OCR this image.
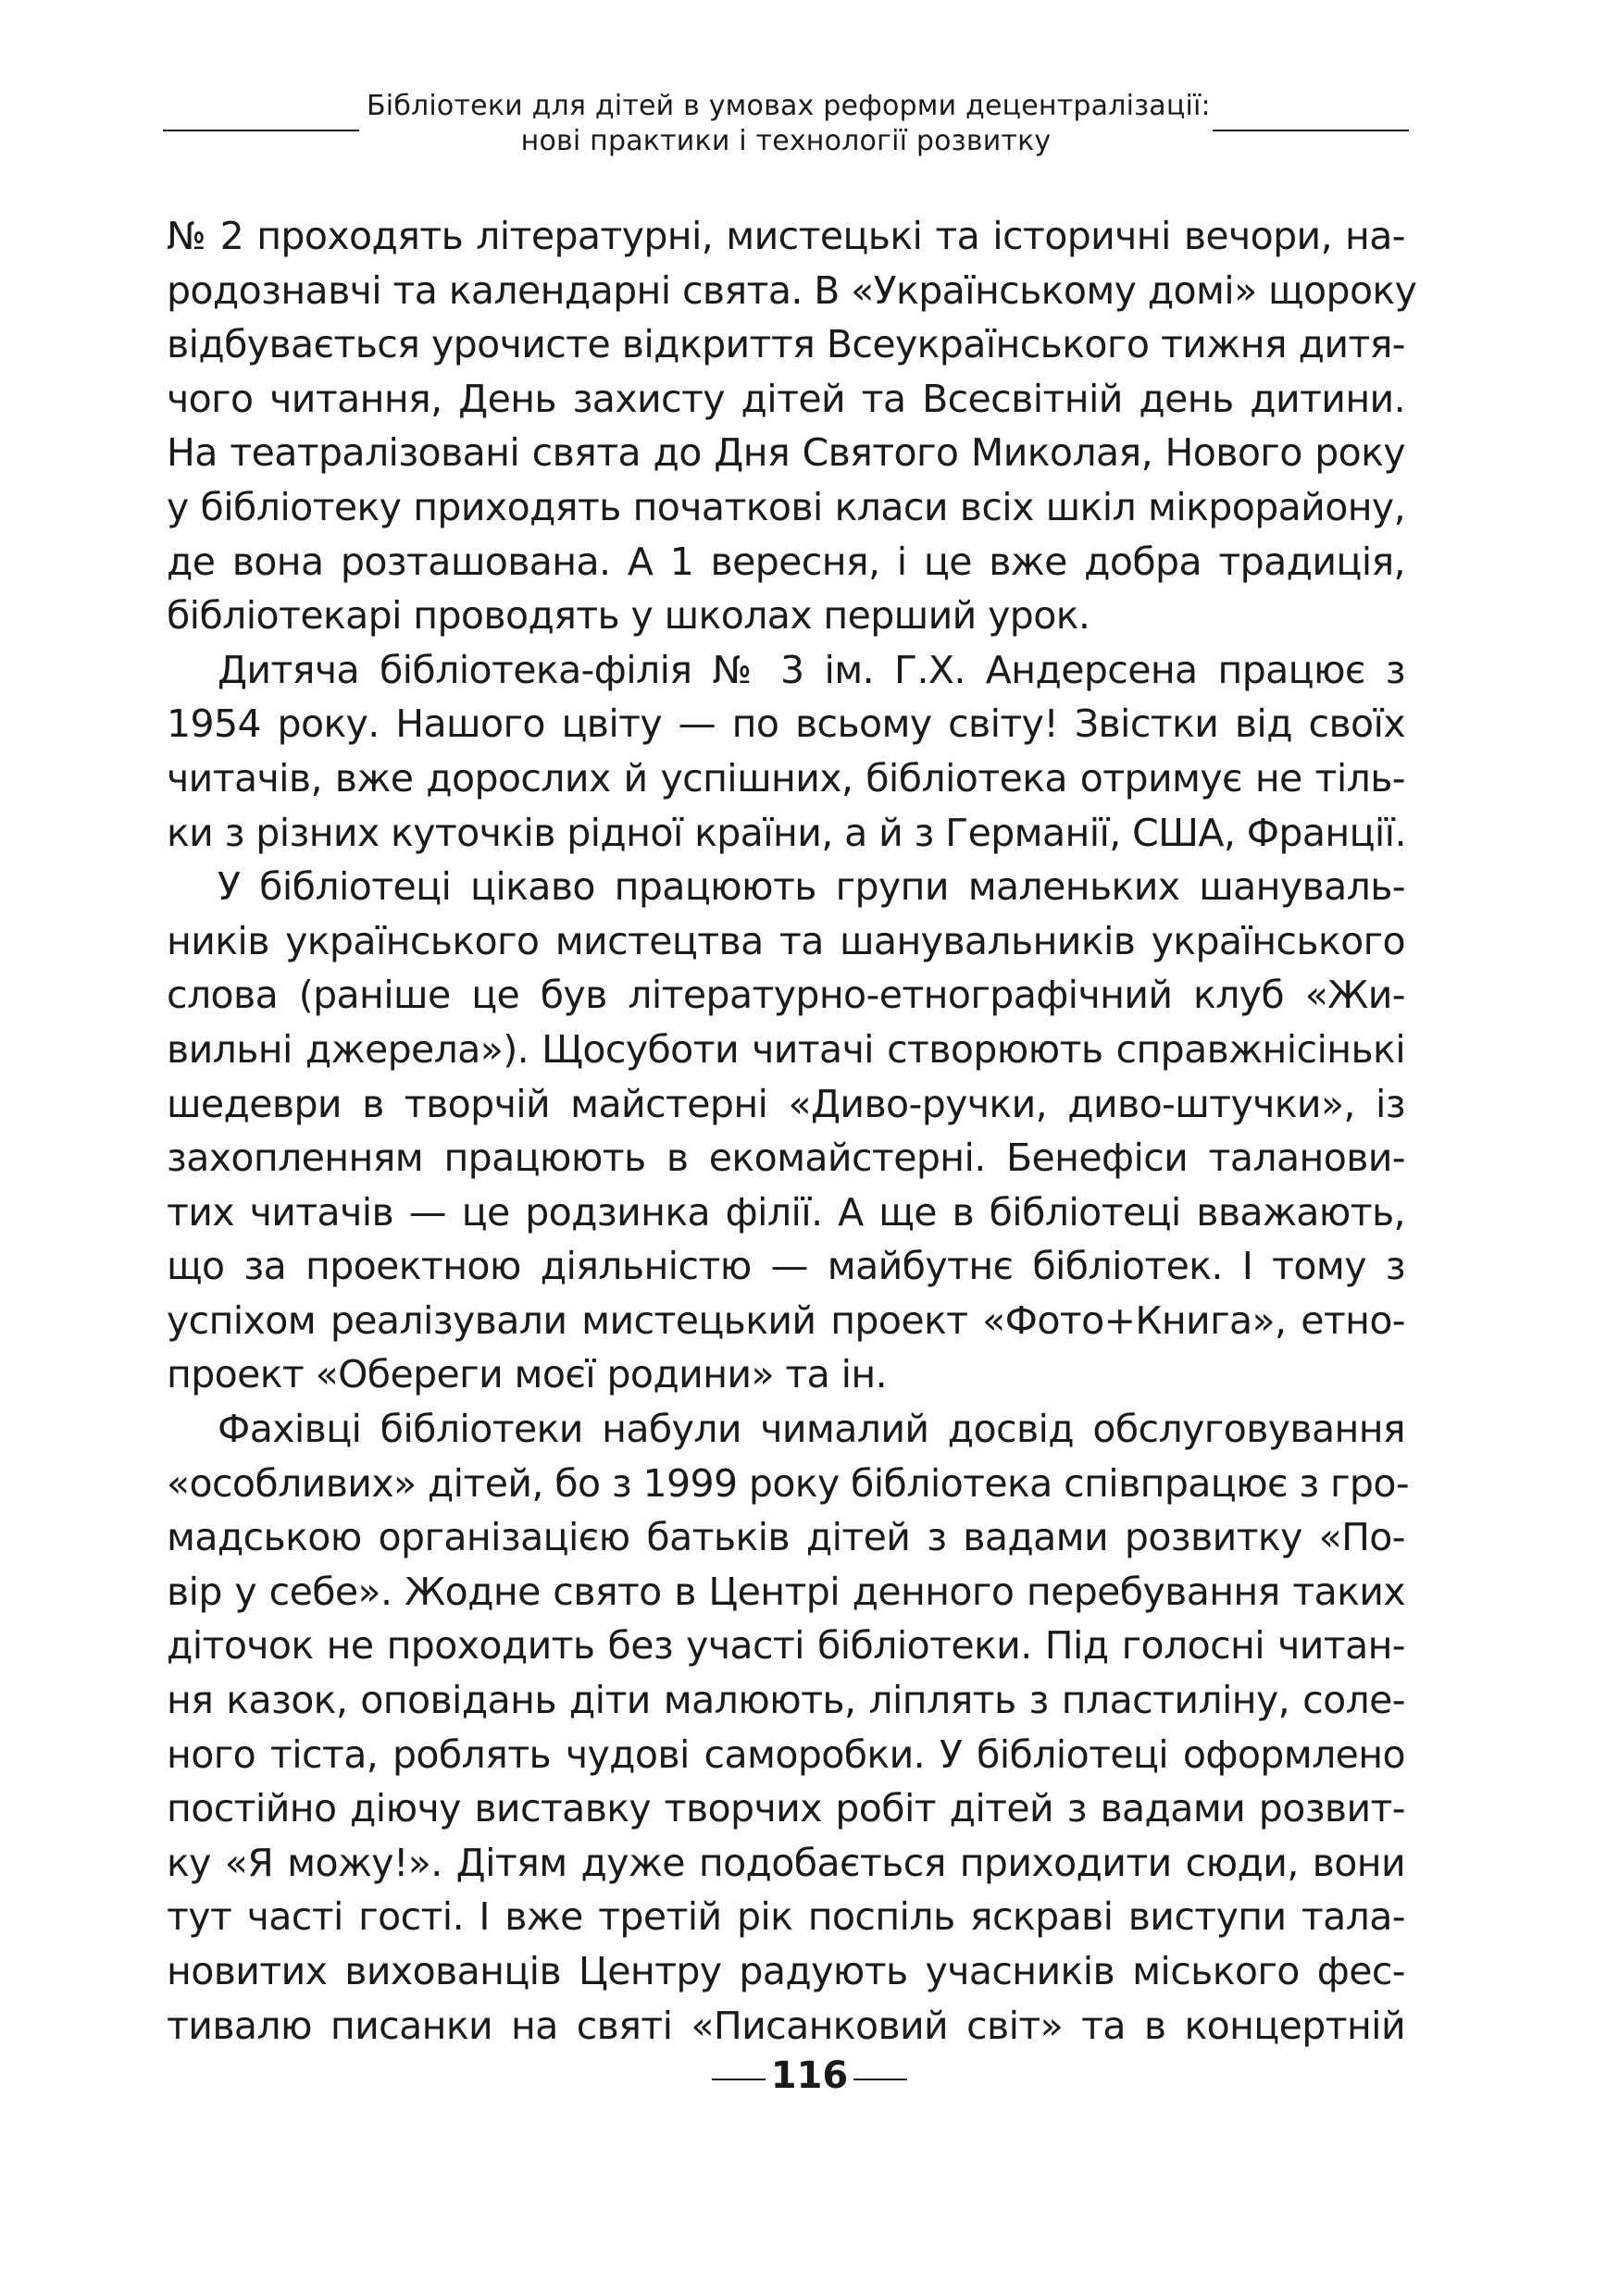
Бібліотеки для дітей в умовах реформи децентралізації:
нові практики і технології розвитку
№ 2 проходять літературні, мистецькі та історичні вечори, на-
родознавчі та календарні свята. В «Українському домі» щороку
відбувається урочисте відкриття Всеукраїнського тижня дитя-
чого читання, День захисту дітей та Всесвітній день дитини.
На театралізовані свята до Дня Святого Миколая, Нового року
у бібліотеку приходять початкові класи всіх шкіл мікрорайону,
де вона розташована. А 1 вересня, і це вже добра традиція,
бібліотекарі проводять у школах перший урок.
Дитяча бібліотека-філія № 3 ім. Г.Х. Андерсена працює з
1954 року. Нашого цвіту — по всьому світу! Звістки від своїх
читачів, вже дорослих й успішних, бібліотека отримує не тіль-
ки з різних куточків рідної країни, а й з Германії, США, Франції.
У бібліотеці цікаво працюють групи маленьких шануваль-
ників українського мистецтва та шанувальників українського
слова (раніше це був літературно-етнографічний клуб «Жи-
вильні джерела»). Щосуботи читачі створюють справжнісінькі
шедеври в творчій майстерні «Диво-ручки, диво-штучки», із
захопленням працюють в екомайстерні. Бенефіси таланови-
тих читачів — це родзинка філії. А ще в бібліотеці вважають,
що за проектною діяльністю — майбутнє бібліотек. І тому з
успіхом реалізували мистецький проект «Фото+Книга», етно-
проект «Обереги моєї родини» та ін.
Фахівці бібліотеки набули чималий досвід обслуговування
«особливих» дітей, бо з 1999 року бібліотека співпрацює з гро-
мадською організацією батьків дітей з вадами розвитку «По-
вір у себе». Жодне свято в Центрі денного перебування таких
діточок не проходить без участі бібліотеки. Під голосні читан-
ня казок, оповідань діти малюють, ліплять з пластиліну, соле-
ного тіста, роблять чудові саморобки. У бібліотеці оформлено
постійно діючу виставку творчих робіт дітей з вадами розвит-
ку «Я можу!». Дітям дуже подобається приходити сюди, вони
тут часті гості. І вже третій рік поспіль яскраві виступи тала-
новитих вихованців Центру радують учасників міського фес-
тивалю писанки на святі «Писанковий світ» та в концертній
116
